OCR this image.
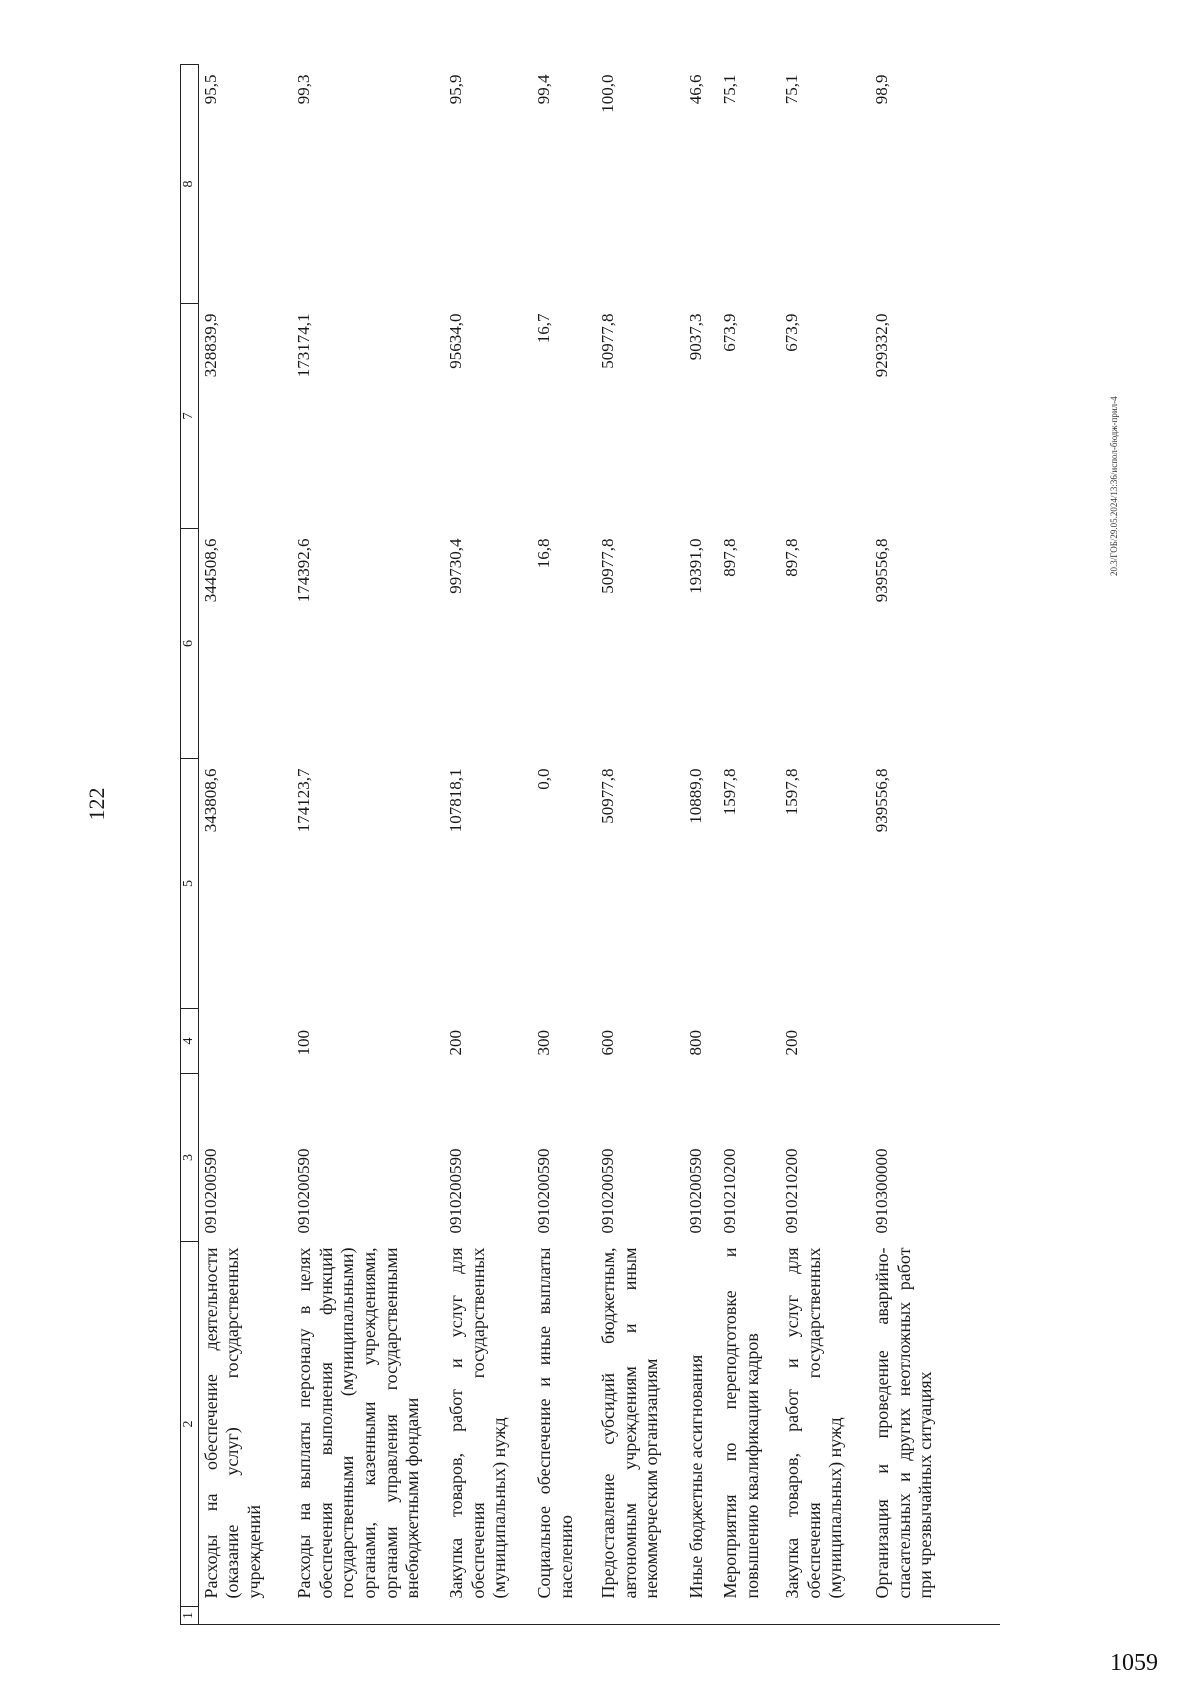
122
20.3/ГОБ/29.05.2024/13:36/испол-бюдж-прил-4
1059
1	2	3	4	5	6	7	8
	Расходы на обеспечение деятельности (оказание услуг) государственных учреждений	0910200590		343808,6	344508,6	328839,9	95,5
	Расходы на выплаты персоналу в целях обеспечения выполнения функций государственными (муниципальными) органами, казенными учреждениями, органами управления государственными внебюджетными фондами	0910200590	100	174123,7	174392,6	173174,1	99,3
	Закупка товаров, работ и услуг для обеспечения государственных (муниципальных) нужд	0910200590	200	107818,1	99730,4	95634,0	95,9
	Социальное обеспечение и иные выплаты населению	0910200590	300	0,0	16,8	16,7	99,4
	Предоставление субсидий бюджетным, автономным учреждениям и иным некоммерческим организациям	0910200590	600	50977,8	50977,8	50977,8	100,0
	Иные бюджетные ассигнования	0910200590	800	10889,0	19391,0	9037,3	46,6
	Мероприятия по переподготовке и повышению квалификации кадров	0910210200		1597,8	897,8	673,9	75,1
	Закупка товаров, работ и услуг для обеспечения государственных (муниципальных) нужд	0910210200	200	1597,8	897,8	673,9	75,1
	Организация и проведение аварийно-спасательных и других неотложных работ при чрезвычайных ситуациях	0910300000		939556,8	939556,8	929332,0	98,9
